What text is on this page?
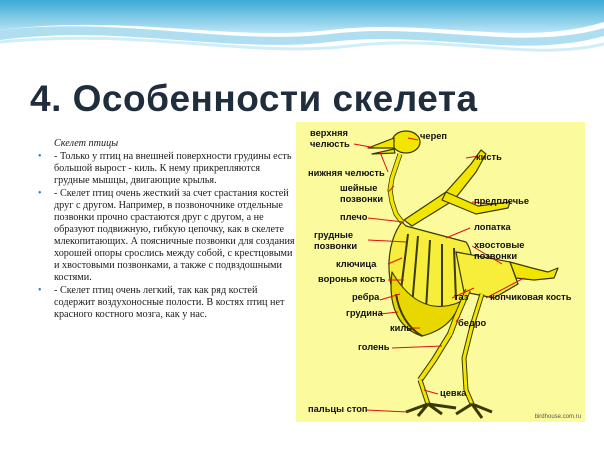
4. Особенности скелета
Скелет птицы
• - Только у птиц на внешней поверхности грудины есть большой вырост - киль. К нему прикрепляются грудные мышцы, двигающие крылья.
• - Скелет птиц очень жесткий за счет срастания костей друг с другом. Например, в позвоночнике отдельные позвонки прочно срастаются друг с другом, а не образуют подвижную, гибкую цепочку, как в скелете млекопитающих. А поясничные позвонки для создания хорошей опоры срослись между собой, с крестцовыми и хвостовыми позвонками, а также с подвздошными костями.
• - Скелет птиц очень легкий, так как ряд костей содержит воздухоносные полости. В костях птиц нет красного костного мозга, как у нас.
верхняя
челюсть
череп
нижняя челюсть
кисть
шейные
позвонки	предплечье
плечо
лопатка
грудные
позвонки	хвостовые
позвонки
ключица
воронья кость
ребра	таз копчиковая кость
грудина
киль	бедро
голень
цевка
пальцы стоп
birdhouse.com.ru
